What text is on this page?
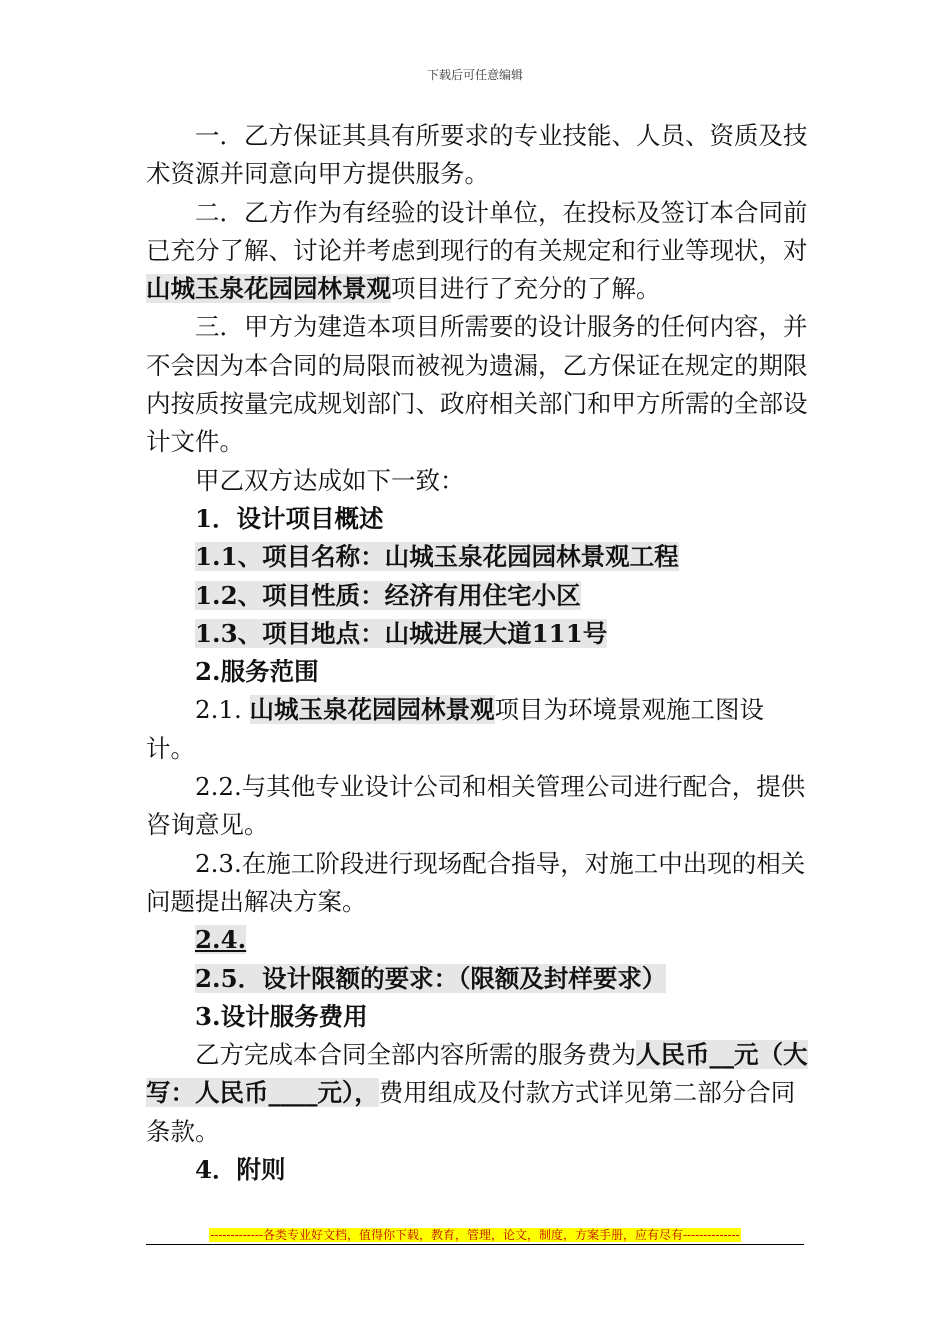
下载后可任意编辑

一．乙方保证其具有所要求的专业技能、人员、资质及技术资源并同意向甲方提供服务。

二．乙方作为有经验的设计单位，在投标及签订本合同前已充分了解、讨论并考虑到现行的有关规定和行业等现状，对山城玉泉花园园林景观项目进行了充分的了解。

三．甲方为建造本项目所需要的设计服务的任何内容，并不会因为本合同的局限而被视为遗漏，乙方保证在规定的期限内按质按量完成规划部门、政府相关部门和甲方所需的全部设计文件。

甲乙双方达成如下一致：

1．设计项目概述

1.1、项目名称：山城玉泉花园园林景观工程

1.2、项目性质：经济有用住宅小区

1.3、项目地点：山城进展大道111号

2.服务范围

2.1. 山城玉泉花园园林景观项目为环境景观施工图设计。

2.2.与其他专业设计公司和相关管理公司进行配合，提供咨询意见。

2.3.在施工阶段进行现场配合指导，对施工中出现的相关问题提出解决方案。

2.4.

2.5．设计限额的要求：（限额及封样要求）

3.设计服务费用

乙方完成本合同全部内容所需的服务费为人民币__元（大写：人民币____元），费用组成及付款方式详见第二部分合同条款。

4．附则

-------------各类专业好文档，值得你下载，教育，管理，论文，制度，方案手册，应有尽有--------------
